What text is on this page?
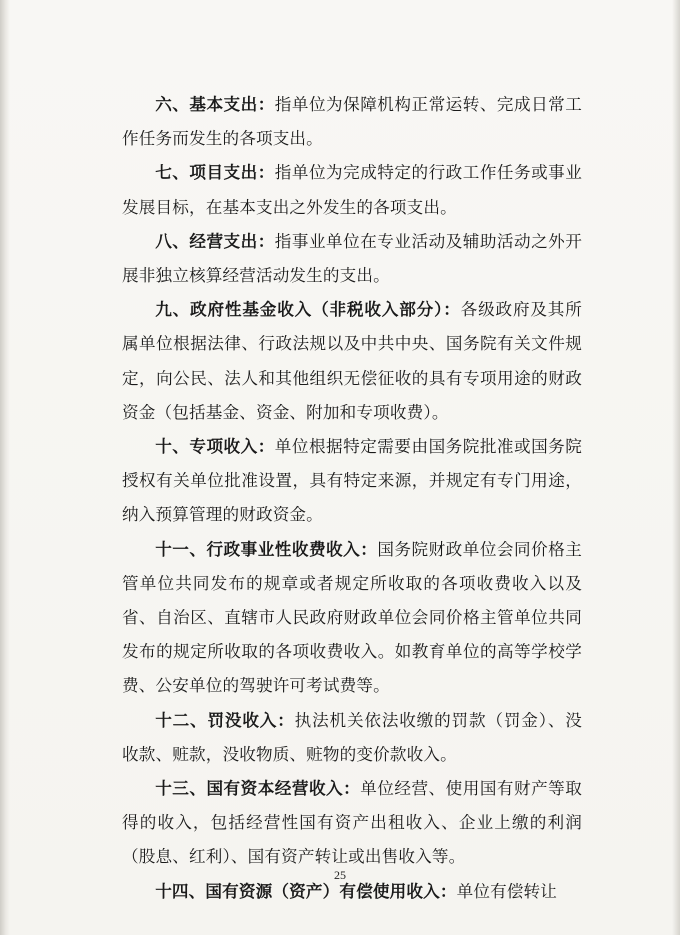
六、基本支出：指单位为保障机构正常运转、完成日常工作任务而发生的各项支出。

七、项目支出：指单位为完成特定的行政工作任务或事业发展目标，在基本支出之外发生的各项支出。

八、经营支出：指事业单位在专业活动及辅助活动之外开展非独立核算经营活动发生的支出。

九、政府性基金收入（非税收入部分）：各级政府及其所属单位根据法律、行政法规以及中共中央、国务院有关文件规定，向公民、法人和其他组织无偿征收的具有专项用途的财政资金（包括基金、资金、附加和专项收费）。

十、专项收入：单位根据特定需要由国务院批准或国务院授权有关单位批准设置，具有特定来源，并规定有专门用途，纳入预算管理的财政资金。

十一、行政事业性收费收入：国务院财政单位会同价格主管单位共同发布的规章或者规定所收取的各项收费收入以及省、自治区、直辖市人民政府财政单位会同价格主管单位共同发布的规定所收取的各项收费收入。如教育单位的高等学校学费、公安单位的驾驶许可考试费等。

十二、罚没收入：执法机关依法收缴的罚款（罚金）、没收款、赃款，没收物质、赃物的变价款收入。

十三、国有资本经营收入：单位经营、使用国有财产等取得的收入，包括经营性国有资产出租收入、企业上缴的利润（股息、红利）、国有资产转让或出售收入等。

十四、国有资源（资产）有偿使用收入：单位有偿转让

25
